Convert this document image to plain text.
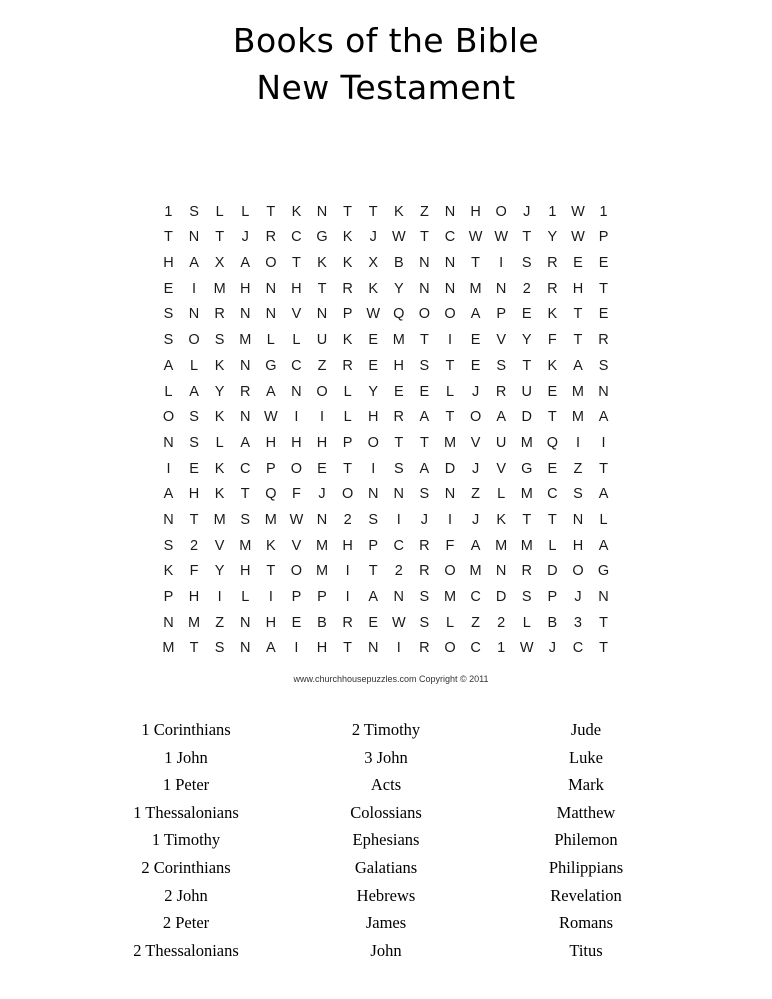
Books of the Bible
New Testament
1	S	L	L	T	K	N	T	T	K	Z	N	H	O	J	1	W	1
T	N	T	J	R	C	G	K	J	W T	C W W T	Y W P
H	A	X	A	O	T	K	K	X	B	N	N	T	I	S	R	E	E
E	I	M H	N	H	T	R	K	Y	N	N M N	2	R	H	T
S	N	R	N	N	V	N	P W Q O O	A	P	E	K	T	E
S	O	S	M	L	L	U	K	E	M	T	I	E	V	Y	F	T	R
A	L	K	N	G	C	Z	R	E	H	S	T	E	S	T	K	A	S
L	A	Y	R	A	N	O	L	Y	E	E	L	J	R	U	E	M N
O	S	K	N W	I	I	L	H	R	A	T	O	A	D	T	M	A
N	S	L	A	H	H	H	P	O	T	T	M	V	U M Q	I	I
I	E	K	C	P	O	E	T	I	S	A	D	J	V	G	E	Z	T
A	H	K	T	Q	F	J	O	N	N	S	N	Z	L	M C	S	A
N	T	M	S	M W N	2	S	I	J	I	J	K	T	T	N	L
S	2	V	M	K	V	M H	P	C	R	F	A	M M	L	H	A
K	F	Y	H	T	O M	I	T	2	R	O M N	R	D	O G
P	H	I	L	I	P	P	I	A	N	S	M C	D	S	P	J	N
N M	Z	N	H	E	B	R	E W S	L	Z	2	L	B	3	T
M	T	S	N	A	I	H	T	N	I	R	O	C	1	W	J	C	T
www.churchhousepuzzles.com Copyright © 2011
1 Corinthians
1 John
1 Peter
1 Thessalonians
1 Timothy
2 Corinthians
2 John
2 Peter
2 Thessalonians
2 Timothy
3 John
Acts
Colossians
Ephesians
Galatians
Hebrews
James
John
Jude
Luke
Mark
Matthew
Philemon
Philippians
Revelation
Romans
Titus
